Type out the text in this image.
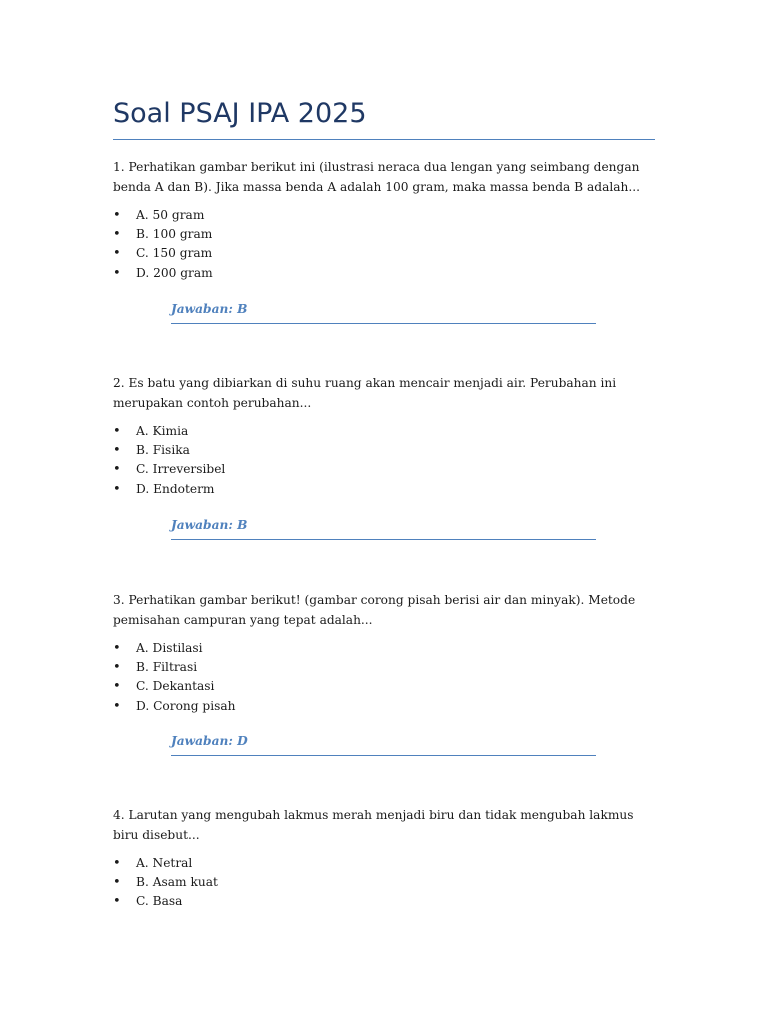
Soal PSAJ IPA 2025

1. Perhatikan gambar berikut ini (ilustrasi neraca dua lengan yang seimbang dengan benda A dan B). Jika massa benda A adalah 100 gram, maka massa benda B adalah...

• A. 50 gram
• B. 100 gram
• C. 150 gram
• D. 200 gram
Jawaban: B

2. Es batu yang dibiarkan di suhu ruang akan mencair menjadi air. Perubahan ini merupakan contoh perubahan...

• A. Kimia
• B. Fisika
• C. Irreversibel
• D. Endoterm
Jawaban: B

3. Perhatikan gambar berikut! (gambar corong pisah berisi air dan minyak). Metode pemisahan campuran yang tepat adalah...

• A. Distilasi
• B. Filtrasi
• C. Dekantasi
• D. Corong pisah
Jawaban: D

4. Larutan yang mengubah lakmus merah menjadi biru dan tidak mengubah lakmus biru disebut...

• A. Netral
• B. Asam kuat
• C. Basa
